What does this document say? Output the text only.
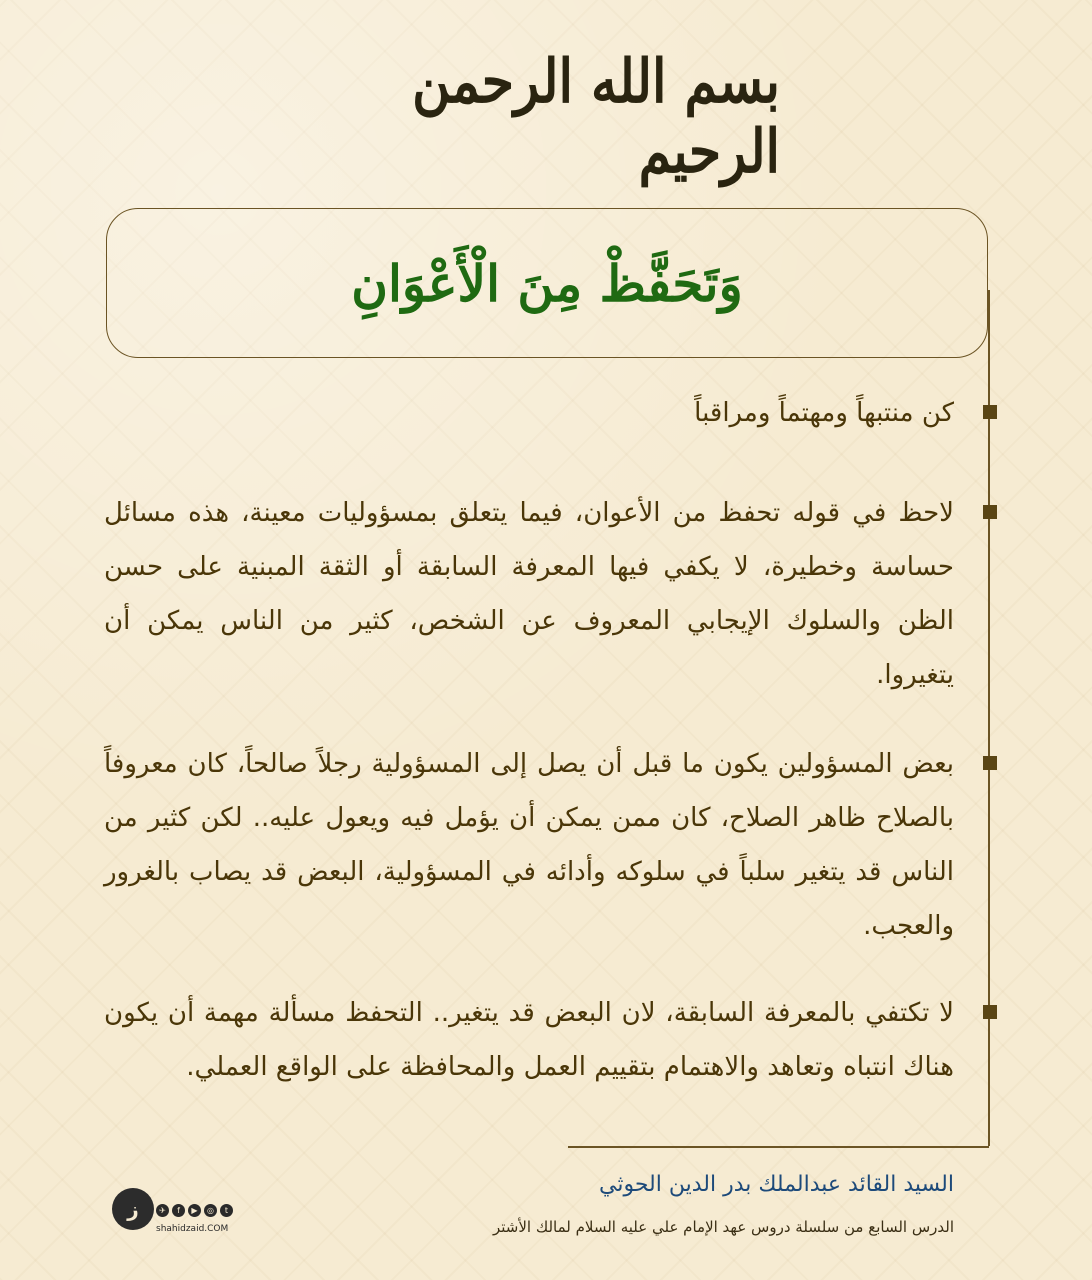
بسم الله الرحمن الرحيم
وَتَحَفَّظْ مِنَ الْأَعْوَانِ
كن منتبهاً ومهتماً ومراقباً
لاحظ في قوله تحفظ من الأعوان، فيما يتعلق بمسؤوليات معينة، هذه مسائل حساسة وخطيرة، لا يكفي فيها المعرفة السابقة أو الثقة المبنية على حسن الظن والسلوك الإيجابي المعروف عن الشخص، كثير من الناس يمكن أن يتغيروا.
بعض المسؤولين يكون ما قبل أن يصل إلى المسؤولية رجلاً صالحاً، كان معروفاً بالصلاح ظاهر الصلاح، كان ممن يمكن أن يؤمل فيه ويعول عليه.. لكن كثير من الناس قد يتغير سلباً في سلوكه وأدائه في المسؤولية، البعض قد يصاب بالغرور والعجب.
لا تكتفي بالمعرفة السابقة، لان البعض قد يتغير.. التحفظ مسألة مهمة أن يكون هناك انتباه وتعاهد والاهتمام بتقييم العمل والمحافظة على الواقع العملي.
السيد القائد عبدالملك بدر الدين الحوثي
الدرس السابع من سلسلة دروس عهد الإمام علي عليه السلام لمالك الأشتر
ز	✈	f	▶	◎	t
shahidzaid.COM
